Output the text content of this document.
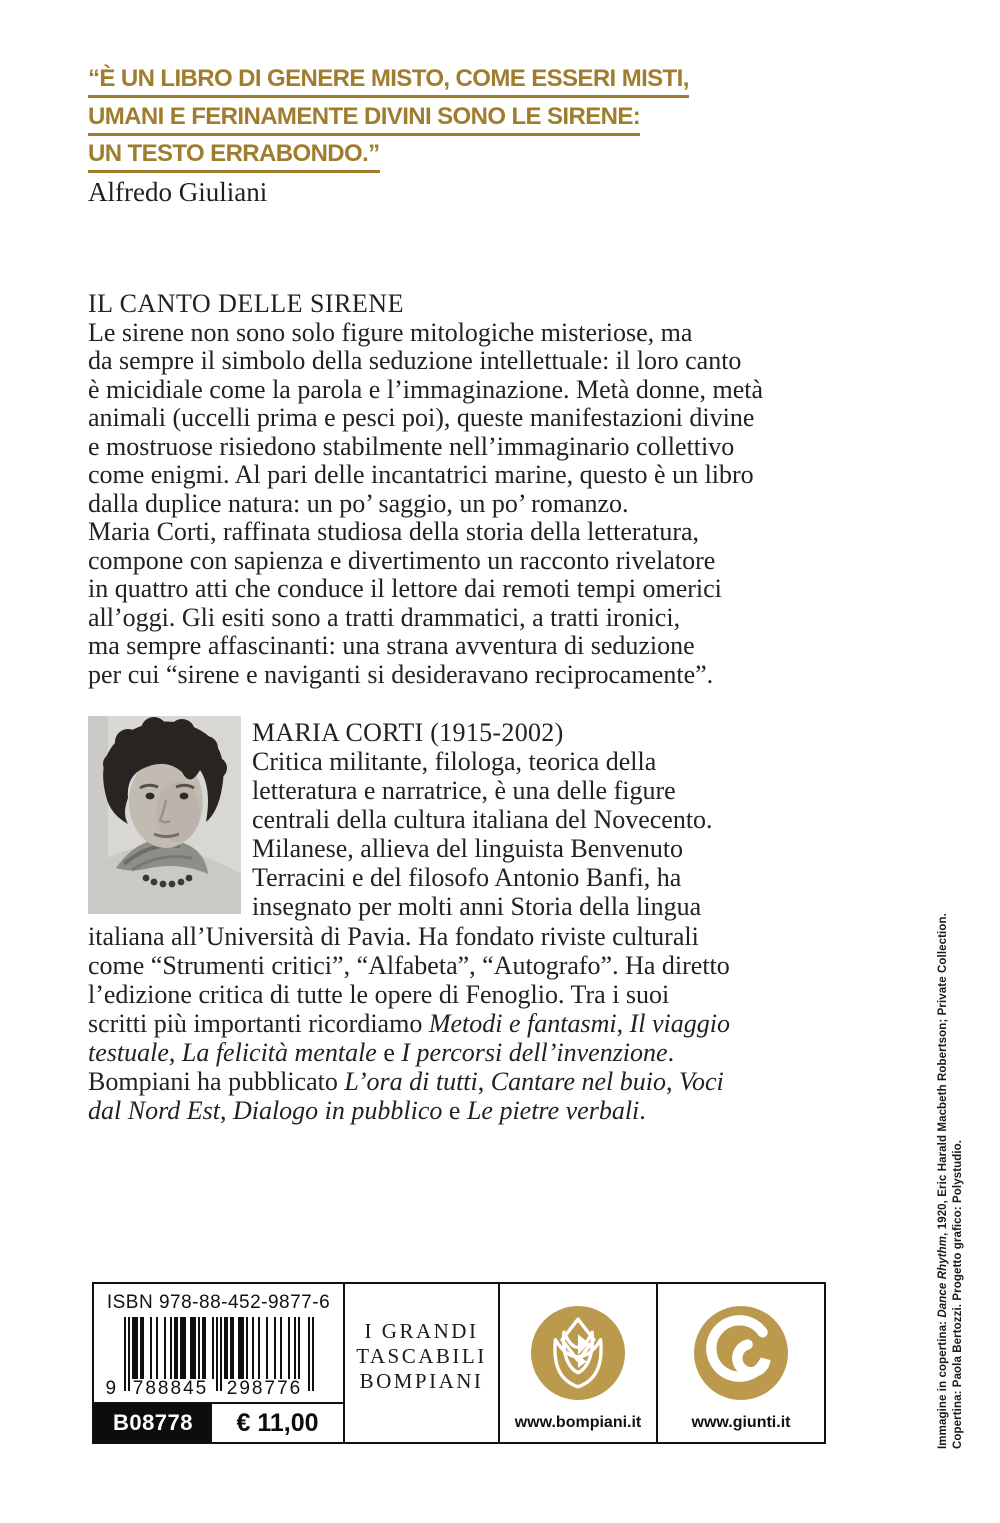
“È UN LIBRO DI GENERE MISTO, COME ESSERI MISTI,
UMANI E FERINAMENTE DIVINI SONO LE SIRENE:
UN TESTO ERRABONDO.”
Alfredo Giuliani
IL CANTO DELLE SIRENE
Le sirene non sono solo figure mitologiche misteriose, ma
da sempre il simbolo della seduzione intellettuale: il loro canto
è micidiale come la parola e l’immaginazione. Metà donne, metà
animali (uccelli prima e pesci poi), queste manifestazioni divine
e mostruose risiedono stabilmente nell’immaginario collettivo
come enigmi. Al pari delle incantatrici marine, questo è un libro
dalla duplice natura: un po’ saggio, un po’ romanzo.
Maria Corti, raffinata studiosa della storia della letteratura,
compone con sapienza e divertimento un racconto rivelatore
in quattro atti che conduce il lettore dai remoti tempi omerici
all’oggi. Gli esiti sono a tratti drammatici, a tratti ironici,
ma sempre affascinanti: una strana avventura di seduzione
per cui “sirene e naviganti si desideravano reciprocamente”.
MARIA CORTI (1915-2002)
Critica militante, filologa, teorica della
letteratura e narratrice, è una delle figure
centrali della cultura italiana del Novecento.
Milanese, allieva del linguista Benvenuto
Terracini e del filosofo Antonio Banfi, ha
insegnato per molti anni Storia della lingua
italiana all’Università di Pavia. Ha fondato riviste culturali
come “Strumenti critici”, “Alfabeta”, “Autografo”. Ha diretto
l’edizione critica di tutte le opere di Fenoglio. Tra i suoi
scritti più importanti ricordiamo Metodi e fantasmi, Il viaggio
testuale, La felicità mentale e I percorsi dell’invenzione.
Bompiani ha pubblicato L’ora di tutti, Cantare nel buio, Voci
dal Nord Est, Dialogo in pubblico e Le pietre verbali.
Immagine in copertina: Dance Rhythm, 1920, Eric Harald Macbeth Robertson; Private Collection.
Copertina: Paola Bertozzi. Progetto grafico: Polystudio.
ISBN 978-88-452-9877-6
9 788845 298776
B08778	€ 11,00
I GRANDI
TASCABILI
BOMPIANI
www.bompiani.it	www.giunti.it
